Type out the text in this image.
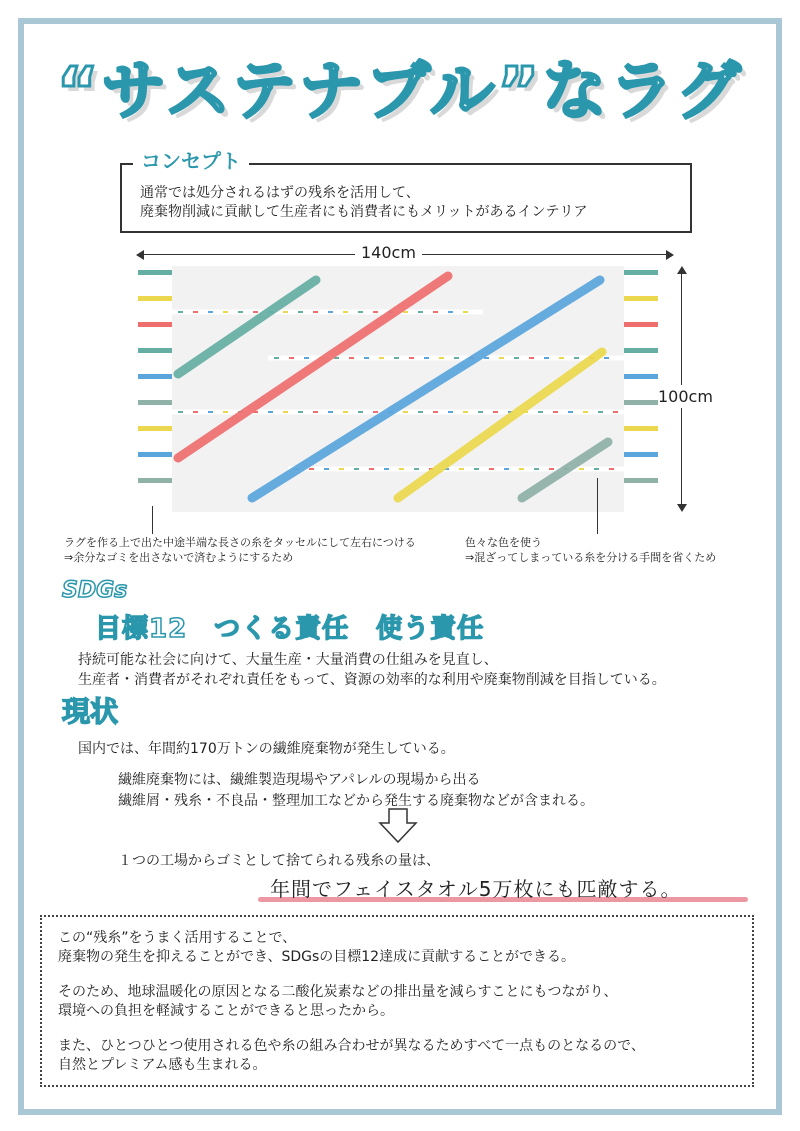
“サステナブル”なラグ
コンセプト
通常では処分されるはずの残糸を活用して、
廃棄物削減に貢献して生産者にも消費者にもメリットがあるインテリア
140cm
100cm
ラグを作る上で出た中途半端な長さの糸をタッセルにして左右につける
⇒余分なゴミを出さないで済むようにするため
色々な色を使う
⇒混ざってしまっている糸を分ける手間を省くため
SDGs
目標12　つくる責任　使う責任
持続可能な社会に向けて、大量生産・大量消費の仕組みを見直し、
生産者・消費者がそれぞれ責任をもって、資源の効率的な利用や廃棄物削減を目指している。
現状
国内では、年間約170万トンの繊維廃棄物が発生している。
繊維廃棄物には、繊維製造現場やアパレルの現場から出る
繊維屑・残糸・不良品・整理加工などから発生する廃棄物などが含まれる。
１つの工場からゴミとして捨てられる残糸の量は、
年間でフェイスタオル5万枚にも匹敵する。

この“残糸”をうまく活用することで、

廃棄物の発生を抑えることができ、SDGsの目標12達成に貢献することができる。

そのため、地球温暖化の原因となる二酸化炭素などの排出量を減らすことにもつながり、

環境への負担を軽減することができると思ったから。

また、ひとつひとつ使用される色や糸の組み合わせが異なるためすべて一点ものとなるので、

自然とプレミアム感も生まれる。
